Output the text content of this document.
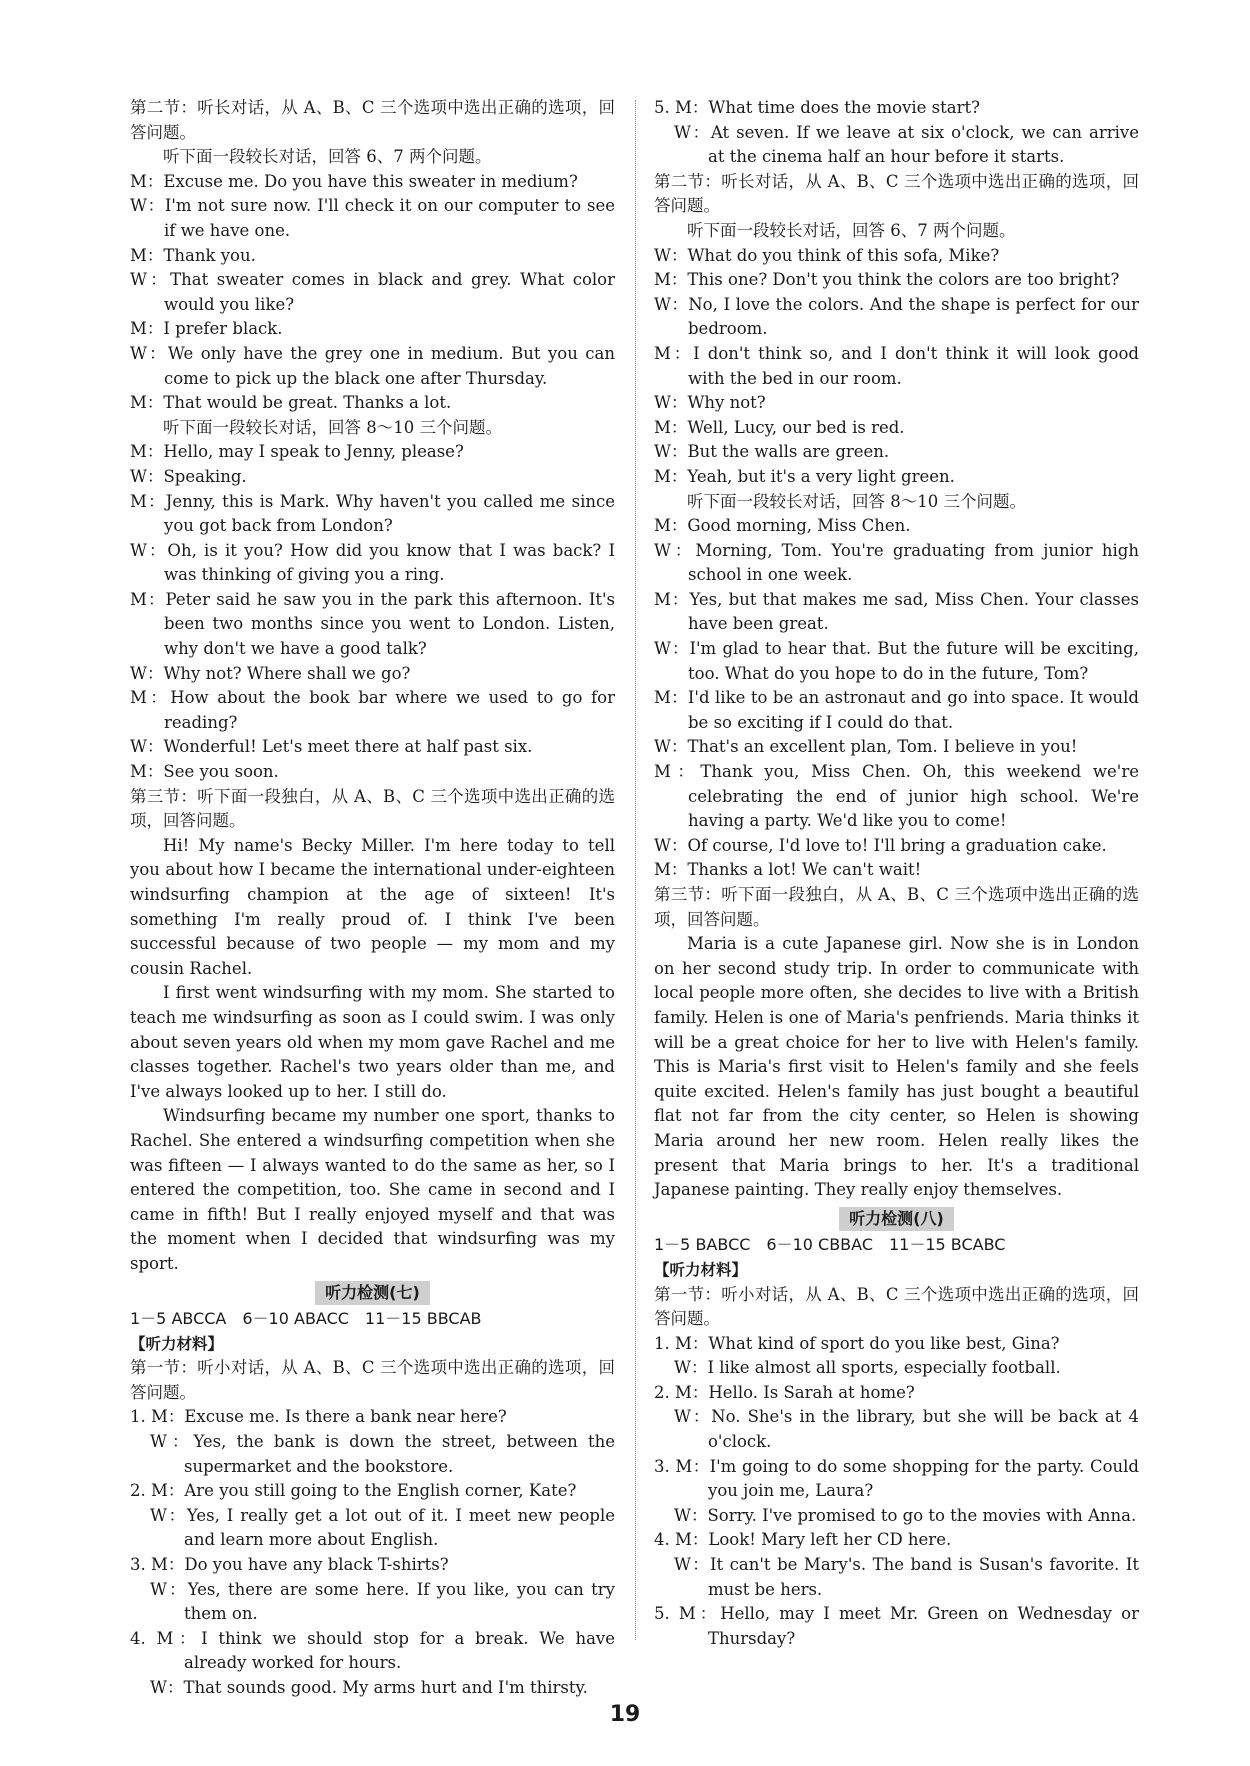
第二节：听长对话，从 A、B、C 三个选项中选出正确的选项，回答问题。

听下面一段较长对话，回答 6、7 两个问题。

M：Excuse me. Do you have this sweater in medium?

W：I'm not sure now. I'll check it on our computer to see if we have one.

M：Thank you.

W：That sweater comes in black and grey. What color would you like?

M：I prefer black.

W：We only have the grey one in medium. But you can come to pick up the black one after Thursday.

M：That would be great. Thanks a lot.

听下面一段较长对话，回答 8～10 三个问题。

M：Hello, may I speak to Jenny, please?

W：Speaking.

M：Jenny, this is Mark. Why haven't you called me since you got back from London?

W：Oh, is it you? How did you know that I was back? I was thinking of giving you a ring.

M：Peter said he saw you in the park this afternoon. It's been two months since you went to London. Listen, why don't we have a good talk?

W：Why not? Where shall we go?

M：How about the book bar where we used to go for reading?

W：Wonderful! Let's meet there at half past six.

M：See you soon.

第三节：听下面一段独白，从 A、B、C 三个选项中选出正确的选项，回答问题。

Hi! My name's Becky Miller. I'm here today to tell you about how I became the international under-eighteen windsurfing champion at the age of sixteen! It's something I'm really proud of. I think I've been successful because of two people — my mom and my cousin Rachel.

I first went windsurfing with my mom. She started to teach me windsurfing as soon as I could swim. I was only about seven years old when my mom gave Rachel and me classes together. Rachel's two years older than me, and I've always looked up to her. I still do.

Windsurfing became my number one sport, thanks to Rachel. She entered a windsurfing competition when she was fifteen — I always wanted to do the same as her, so I entered the competition, too. She came in second and I came in fifth! But I really enjoyed myself and that was the moment when I decided that windsurfing was my sport.

听力检测(七)

1－5 ABCCA　6－10 ABACC　11－15 BBCAB

【听力材料】

第一节：听小对话，从 A、B、C 三个选项中选出正确的选项，回答问题。

1. M：Excuse me. Is there a bank near here?

W：Yes, the bank is down the street, between the supermarket and the bookstore.

2. M：Are you still going to the English corner, Kate?

W：Yes, I really get a lot out of it. I meet new people and learn more about English.

3. M：Do you have any black T-shirts?

W：Yes, there are some here. If you like, you can try them on.

4. M：I think we should stop for a break. We have already worked for hours.

W：That sounds good. My arms hurt and I'm thirsty.

5. M：What time does the movie start?

W：At seven. If we leave at six o'clock, we can arrive at the cinema half an hour before it starts.

第二节：听长对话，从 A、B、C 三个选项中选出正确的选项，回答问题。

听下面一段较长对话，回答 6、7 两个问题。

W：What do you think of this sofa, Mike?

M：This one? Don't you think the colors are too bright?

W：No, I love the colors. And the shape is perfect for our bedroom.

M：I don't think so, and I don't think it will look good with the bed in our room.

W：Why not?

M：Well, Lucy, our bed is red.

W：But the walls are green.

M：Yeah, but it's a very light green.

听下面一段较长对话，回答 8～10 三个问题。

M：Good morning, Miss Chen.

W：Morning, Tom. You're graduating from junior high school in one week.

M：Yes, but that makes me sad, Miss Chen. Your classes have been great.

W：I'm glad to hear that. But the future will be exciting, too. What do you hope to do in the future, Tom?

M：I'd like to be an astronaut and go into space. It would be so exciting if I could do that.

W：That's an excellent plan, Tom. I believe in you!

M：Thank you, Miss Chen. Oh, this weekend we're celebrating the end of junior high school. We're having a party. We'd like you to come!

W：Of course, I'd love to! I'll bring a graduation cake.

M：Thanks a lot! We can't wait!

第三节：听下面一段独白，从 A、B、C 三个选项中选出正确的选项，回答问题。

Maria is a cute Japanese girl. Now she is in London on her second study trip. In order to communicate with local people more often, she decides to live with a British family. Helen is one of Maria's penfriends. Maria thinks it will be a great choice for her to live with Helen's family. This is Maria's first visit to Helen's family and she feels quite excited. Helen's family has just bought a beautiful flat not far from the city center, so Helen is showing Maria around her new room. Helen really likes the present that Maria brings to her. It's a traditional Japanese painting. They really enjoy themselves.

听力检测(八)

1－5 BABCC　6－10 CBBAC　11－15 BCABC

【听力材料】

第一节：听小对话，从 A、B、C 三个选项中选出正确的选项，回答问题。

1. M：What kind of sport do you like best, Gina?

W：I like almost all sports, especially football.

2. M：Hello. Is Sarah at home?

W：No. She's in the library, but she will be back at 4 o'clock.

3. M：I'm going to do some shopping for the party. Could you join me, Laura?

W：Sorry. I've promised to go to the movies with Anna.

4. M：Look! Mary left her CD here.

W：It can't be Mary's. The band is Susan's favorite. It must be hers.

5. M：Hello, may I meet Mr. Green on Wednesday or Thursday?

19
